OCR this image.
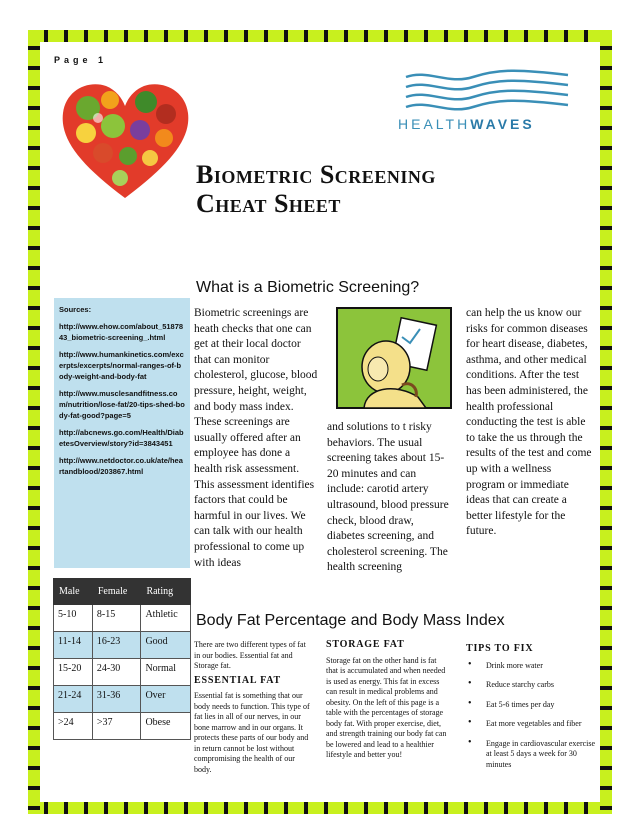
Page 1
HEALTHWAVES
Biometric Screening
Cheat Sheet
What is a Biometric Screening?

Sources:

http://www.ehow.com/about_5187843_biometric-screening_.html

http://www.humankinetics.com/excerpts/excerpts/normal-ranges-of-body-weight-and-body-fat

http://www.musclesandfitness.com/nutrition/lose-fat/20-tips-shed-body-fat-good?page=5

http://abcnews.go.com/Health/DiabetesOverview/story?id=3843451

http://www.netdoctor.co.uk/ate/heartandblood/203867.html

Biometric screenings are heath checks that one can get at their local doctor that can monitor cholesterol, glucose, blood pressure, height, weight, and body mass index. These screenings are usually offered after an employee has done a health risk assessment. This assessment identifies factors that could be harmful in our lives. We can talk with our health professional to come up with ideas
and solutions to t risky behaviors. The usual screening takes about 15-20 minutes and can include: carotid artery ultrasound, blood pressure check, blood draw, diabetes screening, and cholesterol screening. The health screening
can help the us know our risks for common diseases for heart disease, diabetes, asthma, and other medical conditions. After the test has been administered, the health professional conducting the test is able to take the us through the results of the test and come up with a wellness program or immediate ideas that can create a better lifestyle for the future.
Male	Female	Rating
5-10	8-15	Athletic
11-14	16-23	Good
15-20	24-30	Normal
21-24	31-36	Over
>24	>37	Obese
Body Fat Percentage and Body Mass Index

There are two different types of fat in our bodies. Essential fat and Storage fat.

ESSENTIAL FAT

Essential fat is something that our body needs to function. This type of fat lies in all of our nerves, in our bone marrow and in our organs. It protects these parts of our body and in return cannot be lost without compromising the health of our body.

STORAGE FAT

Storage fat on the other hand is fat that is accumulated and when needed is used as energy. This fat in excess can result in medical problems and obesity. On the left of this page is a table with the percentages of storage body fat. With proper exercise, diet, and strength training our body fat can be lowered and lead to a healthier lifestyle and better you!

TIPS TO FIX
• Drink more water
• Reduce starchy carbs
• Eat 5-6 times per day
• Eat more vegetables and fiber
• Engage in cardiovascular exercise at least 5 days a week for 30 minutes
